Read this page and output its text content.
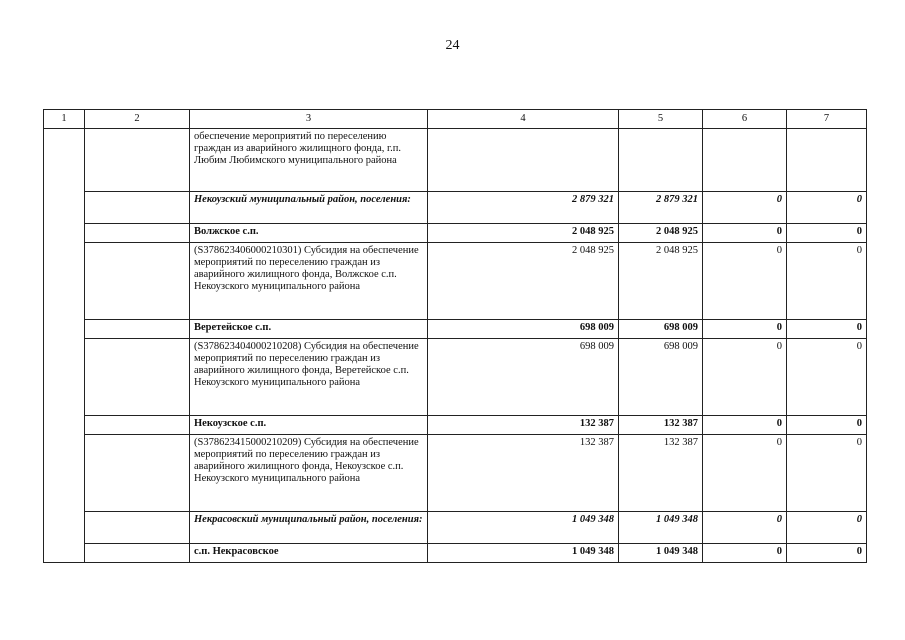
24
1	2	3	4	5	6	7
		обеспечение мероприятий по переселению граждан из аварийного жилищного фонда, г.п. Любим Любимского муниципального района				
		Некоузский муниципальный район, поселения:	2 879 321	2 879 321	0	0
		Волжское с.п.	2 048 925	2 048 925	0	0
		(S378623406000210301) Субсидия на обеспечение мероприятий по переселению граждан из аварийного жилищного фонда, Волжское с.п. Некоузского муниципального района	2 048 925	2 048 925	0	0
		Веретейское с.п.	698 009	698 009	0	0
		(S378623404000210208) Субсидия на обеспечение мероприятий по переселению граждан из аварийного жилищного фонда, Веретейское с.п. Некоузского муниципального района	698 009	698 009	0	0
		Некоузское с.п.	132 387	132 387	0	0
		(S378623415000210209) Субсидия на обеспечение мероприятий по переселению граждан из аварийного жилищного фонда, Некоузское с.п. Некоузского муниципального района	132 387	132 387	0	0
		Некрасовский муниципальный район, поселения:	1 049 348	1 049 348	0	0
		с.п. Некрасовское	1 049 348	1 049 348	0	0
